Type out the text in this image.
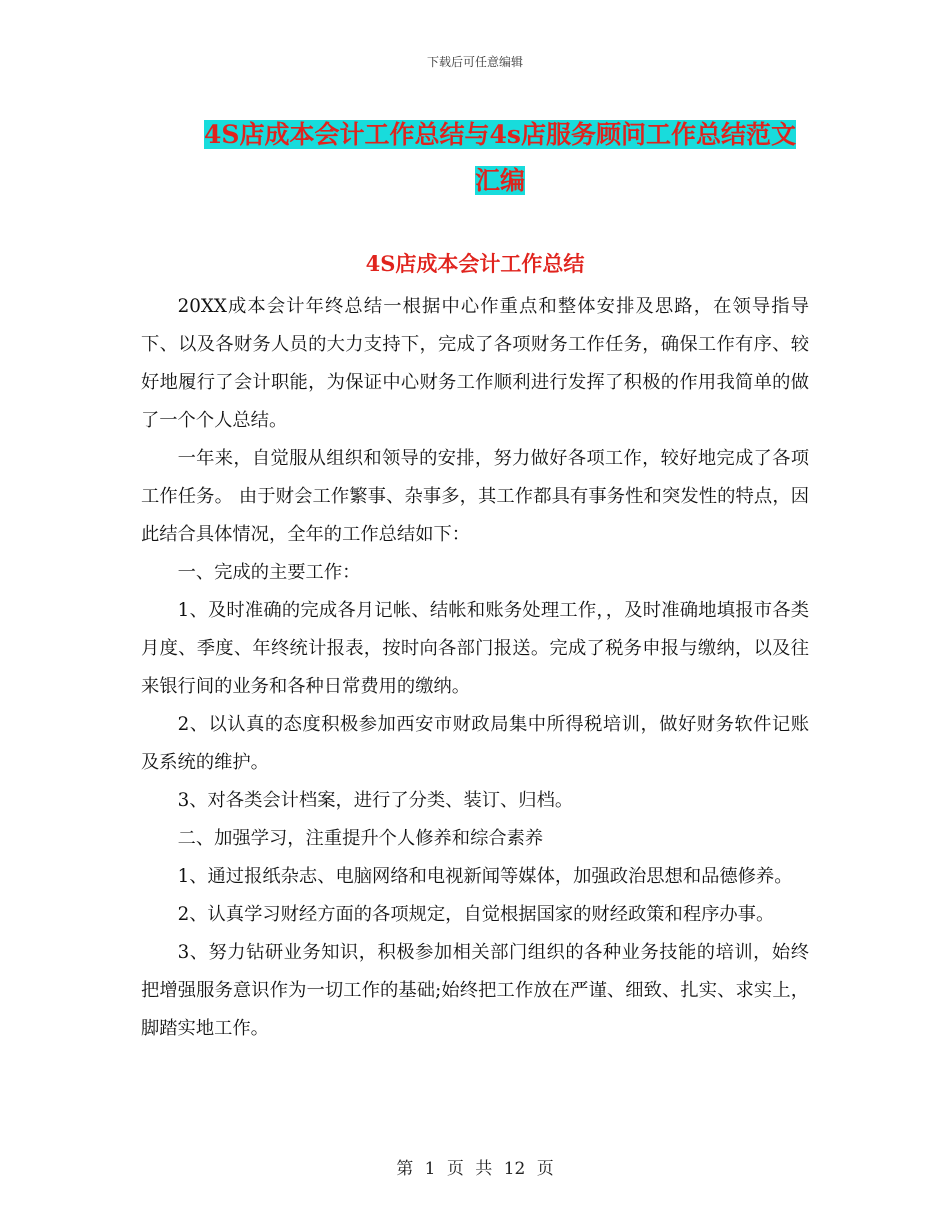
下载后可任意编辑
4S店成本会计工作总结与4s店服务顾问工作总结范文
汇编
4S店成本会计工作总结

20XX成本会计年终总结一根据中心作重点和整体安排及思路，在领导指导下、以及各财务人员的大力支持下，完成了各项财务工作任务，确保工作有序、较好地履行了会计职能，为保证中心财务工作顺利进行发挥了积极的作用我简单的做了一个个人总结。

一年来，自觉服从组织和领导的安排，努力做好各项工作，较好地完成了各项工作任务。 由于财会工作繁事、杂事多，其工作都具有事务性和突发性的特点，因此结合具体情况，全年的工作总结如下：

一、完成的主要工作：

1、及时准确的完成各月记帐、结帐和账务处理工作，，及时准确地填报市各类月度、季度、年终统计报表，按时向各部门报送。完成了税务申报与缴纳，以及往来银行间的业务和各种日常费用的缴纳。

2、以认真的态度积极参加西安市财政局集中所得税培训，做好财务软件记账及系统的维护。

3、对各类会计档案，进行了分类、装订、归档。

二、加强学习，注重提升个人修养和综合素养

1、通过报纸杂志、电脑网络和电视新闻等媒体，加强政治思想和品德修养。

2、认真学习财经方面的各项规定，自觉根据国家的财经政策和程序办事。

3、努力钻研业务知识，积极参加相关部门组织的各种业务技能的培训，始终把增强服务意识作为一切工作的基础;始终把工作放在严谨、细致、扎实、求实上，脚踏实地工作。

第 1 页 共 12 页
